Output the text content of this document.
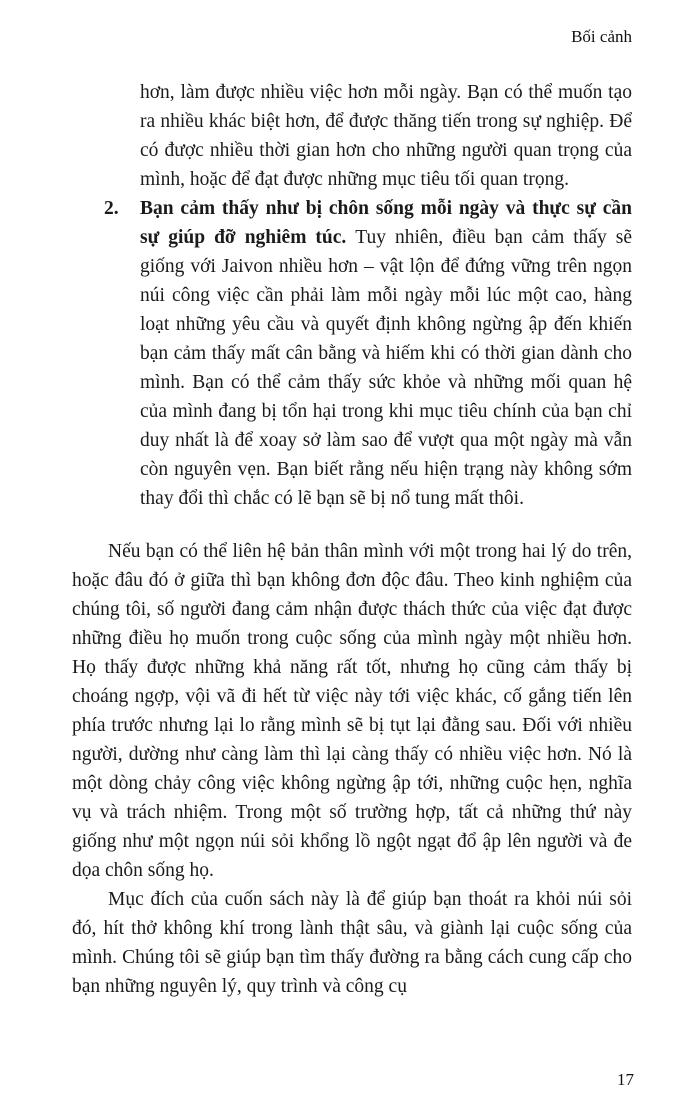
Bối cảnh

hơn, làm được nhiều việc hơn mỗi ngày. Bạn có thể muốn tạo ra nhiều khác biệt hơn, để được thăng tiến trong sự nghiệp. Để có được nhiều thời gian hơn cho những người quan trọng của mình, hoặc để đạt được những mục tiêu tối quan trọng.

2. Bạn cảm thấy như bị chôn sống mỗi ngày và thực sự cần sự giúp đỡ nghiêm túc. Tuy nhiên, điều bạn cảm thấy sẽ giống với Jaivon nhiều hơn – vật lộn để đứng vững trên ngọn núi công việc cần phải làm mỗi ngày mỗi lúc một cao, hàng loạt những yêu cầu và quyết định không ngừng ập đến khiến bạn cảm thấy mất cân bằng và hiếm khi có thời gian dành cho mình. Bạn có thể cảm thấy sức khỏe và những mối quan hệ của mình đang bị tổn hại trong khi mục tiêu chính của bạn chỉ duy nhất là để xoay sở làm sao để vượt qua một ngày mà vẫn còn nguyên vẹn. Bạn biết rằng nếu hiện trạng này không sớm thay đổi thì chắc có lẽ bạn sẽ bị nổ tung mất thôi.

Nếu bạn có thể liên hệ bản thân mình với một trong hai lý do trên, hoặc đâu đó ở giữa thì bạn không đơn độc đâu. Theo kinh nghiệm của chúng tôi, số người đang cảm nhận được thách thức của việc đạt được những điều họ muốn trong cuộc sống của mình ngày một nhiều hơn. Họ thấy được những khả năng rất tốt, nhưng họ cũng cảm thấy bị choáng ngợp, vội vã đi hết từ việc này tới việc khác, cố gắng tiến lên phía trước nhưng lại lo rằng mình sẽ bị tụt lại đằng sau. Đối với nhiều người, dường như càng làm thì lại càng thấy có nhiều việc hơn. Nó là một dòng chảy công việc không ngừng ập tới, những cuộc hẹn, nghĩa vụ và trách nhiệm. Trong một số trường hợp, tất cả những thứ này giống như một ngọn núi sỏi khổng lồ ngột ngạt đổ ập lên người và đe dọa chôn sống họ.

Mục đích của cuốn sách này là để giúp bạn thoát ra khỏi núi sỏi đó, hít thở không khí trong lành thật sâu, và giành lại cuộc sống của mình. Chúng tôi sẽ giúp bạn tìm thấy đường ra bằng cách cung cấp cho bạn những nguyên lý, quy trình và công cụ

17
